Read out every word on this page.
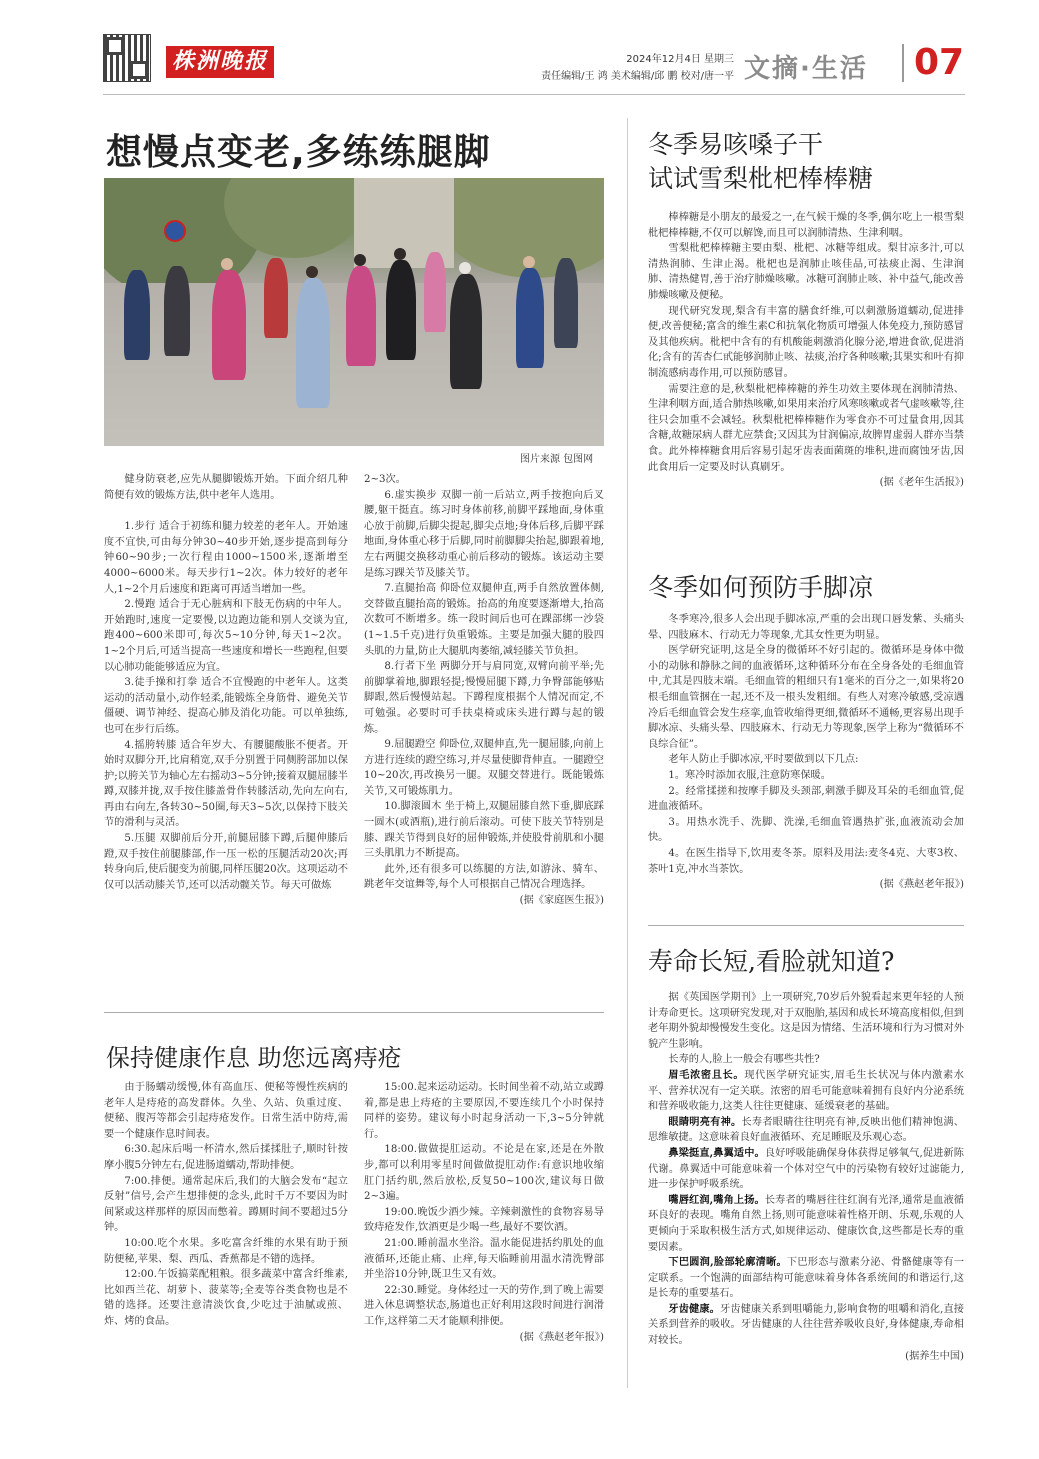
株洲晚报	2024年12月4日 星期三
责任编辑/王 鸿 美术编辑/邱 鹏 校对/唐一平 文摘·生活 07
想慢点变老,多练练腿脚
图片来源 包图网

健身防衰老,应先从腿脚锻炼开始。下面介绍几种简便有效的锻炼方法,供中老年人选用。

1.步行 适合于初练和腿力较差的老年人。开始速度不宜快,可由每分钟30~40步开始,逐步提高到每分钟60~90步;一次行程由1000~1500米,逐渐增至4000~6000米。每天步行1~2次。体力较好的老年人,1~2个月后速度和距离可再适当增加一些。

2.慢跑 适合于无心脏病和下肢无伤病的中年人。开始跑时,速度一定要慢,以边跑边能和别人交谈为宜,跑400~600米即可,每次5~10分钟,每天1~2次。1~2个月后,可适当提高一些速度和增长一些跑程,但要以心肺功能能够适应为宜。

3.徒手操和打拳 适合不宜慢跑的中老年人。这类运动的活动量小,动作轻柔,能锻炼全身筋骨、避免关节僵硬、调节神经、提高心肺及消化功能。可以单独练,也可在步行后练。

4.摇胯转膝 适合年岁大、有腰腿酸胀不便者。开始时双脚分开,比肩稍宽,双手分别置于同侧胯部加以保护;以胯关节为轴心左右摇动3~5分钟;接着双腿屈膝半蹲,双膝并拢,双手按住膝盖骨作转膝活动,先向左向右,再由右向左,各转30~50圈,每天3~5次,以保持下肢关节的滑利与灵活。

5.压腿 双脚前后分开,前腿屈膝下蹲,后腿伸膝后蹬,双手按住前腿膝部,作一压一松的压腿活动20次;再转身向后,使后腿变为前腿,同样压腿20次。这项运动不仅可以活动膝关节,还可以活动髋关节。每天可做炼

2~3次。

6.虚实换步 双脚一前一后站立,两手按抱向后叉腰,躯干挺直。练习时身体前移,前脚平踩地面,身体重心放于前脚,后脚尖提起,脚尖点地;身体后移,后脚平踩地面,身体重心移于后脚,同时前脚脚尖抬起,脚跟着地,左右两腿交换移动重心前后移动的锻炼。该运动主要是练习踝关节及膝关节。

7.直腿抬高 仰卧位双腿伸直,两手自然放置体侧,交替做直腿抬高的锻炼。抬高的角度要逐渐增大,抬高次数可不断增多。练一段时间后也可在踝部绑一沙袋(1~1.5千克)进行负重锻炼。主要是加强大腿的股四头肌的力量,防止大腿肌肉萎缩,减轻膝关节负担。

8.行者下坐 两脚分开与肩同宽,双臂向前平举;先前脚掌着地,脚跟轻提;慢慢屈腿下蹲,力争臀部能够贴脚跟,然后慢慢站起。下蹲程度根据个人情况而定,不可勉强。必要时可手扶桌椅或床头进行蹲与起的锻炼。

9.屈腿蹬空 仰卧位,双腿伸直,先一腿屈膝,向前上方进行连续的蹬空练习,并尽量使脚背伸直。一腿蹬空10~20次,再改换另一腿。双腿交替进行。既能锻炼关节,又可锻炼肌力。

10.脚滚圆木 坐于椅上,双腿屈膝自然下垂,脚底踩一圆木(或酒瓶),进行前后滚动。可使下肢关节特别是膝、踝关节得到良好的屈伸锻炼,并使股骨前肌和小腿三头肌肌力不断提高。

此外,还有很多可以练腿的方法,如游泳、骑车、跳老年交谊舞等,每个人可根据自己情况合理选择。

(据《家庭医生报》)

保持健康作息 助您远离痔疮

由于肠蠕动缓慢,体有高血压、便秘等慢性疾病的老年人是痔疮的高发群体。久坐、久站、负重过度、便秘、腹泻等都会引起痔疮发作。日常生活中防痔,需要一个健康作息时间表。

6:30.起床后喝一杯清水,然后揉揉肚子,顺时针按摩小腹5分钟左右,促进肠道蠕动,帮助排便。

7:00.排便。通常起床后,我们的大脑会发布“起立反射”信号,会产生想排便的念头,此时千万不要因为时间紧或这样那样的原因而憋着。蹲厕时间不要超过5分钟。

10:00.吃个水果。多吃富含纤维的水果有助于预防便秘,苹果、梨、西瓜、香蕉都是不错的选择。

12:00.午饭搞菜配粗粮。很多蔬菜中富含纤维素,比如西兰花、胡萝卜、菠菜等;全麦等谷类食物也是不错的选择。还要注意清淡饮食,少吃过于油腻或煎、炸、烤的食品。

15:00.起来运动运动。长时间坐着不动,站立或蹲着,都是患上痔疮的主要原因,不要连续几个小时保持同样的姿势。建议每小时起身活动一下,3~5分钟就行。

18:00.做做提肛运动。不论是在家,还是在外散步,都可以利用零星时间做做提肛动作:有意识地收缩肛门括约肌,然后放松,反复50~100次,建议每日做2~3遍。

19:00.晚饭少酒少辣。辛辣刺激性的食物容易导致痔疮发作,饮酒更是少喝一些,最好不要饮酒。

21:00.睡前温水坐浴。温水能促进括约肌处的血液循环,还能止痛、止痒,每天临睡前用温水清洗臀部并坐浴10分钟,既卫生又有效。

22:30.睡觉。身体经过一天的劳作,到了晚上需要进入休息调整状态,肠道也正好利用这段时间进行润滑工作,这样第二天才能顺利排便。

(据《燕赵老年报》)

冬季易咳嗓子干
试试雪梨枇杷棒棒糖

棒棒糖是小朋友的最爱之一,在气候干燥的冬季,偶尔吃上一根雪梨枇杷棒棒糖,不仅可以解馋,而且可以润肺清热、生津利咽。

雪梨枇杷棒棒糖主要由梨、枇杷、冰糖等组成。梨甘凉多汁,可以清热润肺、生津止渴。枇杷也是润肺止咳佳品,可祛痰止渴、生津润肺、清热健胃,善于治疗肺燥咳嗽。冰糖可润肺止咳、补中益气,能改善肺燥咳嗽及便秘。

现代研究发现,梨含有丰富的膳食纤维,可以刺激肠道蠕动,促进排便,改善便秘;富含的维生素C和抗氧化物质可增强人体免疫力,预防感冒及其他疾病。枇杷中含有的有机酸能刺激消化腺分泌,增进食欲,促进消化;含有的苦杏仁甙能够润肺止咳、祛痰,治疗各种咳嗽;其果实和叶有抑制流感病毒作用,可以预防感冒。

需要注意的是,秋梨枇杷棒棒糖的养生功效主要体现在润肺清热、生津利咽方面,适合肺热咳嗽,如果用来治疗风寒咳嗽或者气虚咳嗽等,往往只会加重不会减轻。秋梨枇杷棒棒糖作为零食亦不可过量食用,因其含糖,故糖尿病人群尤应禁食;又因其为甘润偏凉,故脾胃虚弱人群亦当禁食。此外棒棒糖食用后容易引起牙齿表面菌斑的堆积,进而腐蚀牙齿,因此食用后一定要及时认真刷牙。

(据《老年生活报》)

冬季如何预防手脚凉

冬季寒冷,很多人会出现手脚冰凉,严重的会出现口唇发紫、头痛头晕、四肢麻木、行动无力等现象,尤其女性更为明显。

医学研究证明,这是全身的微循环不好引起的。微循环是身体中微小的动脉和静脉之间的血液循环,这种循环分布在全身各处的毛细血管中,尤其是四肢末端。毛细血管的粗细只有1毫米的百分之一,如果将20根毛细血管捆在一起,还不及一根头发粗细。有些人对寒冷敏感,受凉遇冷后毛细血管会发生痉挛,血管收缩得更细,微循环不通畅,更容易出现手脚冰凉、头痛头晕、四肢麻木、行动无力等现象,医学上称为“微循环不良综合征”。

老年人防止手脚冰凉,平时要做到以下几点:

1。寒冷时添加衣服,注意防寒保暖。

2。经常揉搓和按摩手脚及头颈部,刺激手脚及耳朵的毛细血管,促进血液循环。

3。用热水洗手、洗脚、洗澡,毛细血管遇热扩张,血液流动会加快。

4。在医生指导下,饮用麦冬茶。原料及用法:麦冬4克、大枣3枚、茶叶1克,冲水当茶饮。

(据《燕赵老年报》)

寿命长短,看脸就知道?

据《英国医学期刊》上一项研究,70岁后外貌看起来更年轻的人预计寿命更长。这项研究发现,对于双胞胎,基因和成长环境高度相似,但到老年期外貌却慢慢发生变化。这是因为情绪、生活环境和行为习惯对外貌产生影响。

长寿的人,脸上一般会有哪些共性?

眉毛浓密且长。现代医学研究证实,眉毛生长状况与体内激素水平、营养状况有一定关联。浓密的眉毛可能意味着拥有良好内分泌系统和营养吸收能力,这类人往往更健康、延缓衰老的基础。

眼睛明亮有神。长寿者眼睛往往明亮有神,反映出他们精神饱满、思维敏捷。这意味着良好血液循环、充足睡眠及乐观心态。

鼻梁挺直,鼻翼适中。良好呼吸能确保身体获得足够氧气,促进新陈代谢。鼻翼适中可能意味着一个体对空气中的污染物有较好过滤能力,进一步保护呼吸系统。

嘴唇红润,嘴角上扬。长寿者的嘴唇往往红润有光泽,通常是血液循环良好的表现。嘴角自然上扬,则可能意味着性格开朗、乐观,乐观的人更倾向于采取积极生活方式,如规律运动、健康饮食,这些都是长寿的重要因素。

下巴圆润,脸部轮廓清晰。下巴形态与激素分泌、骨骼健康等有一定联系。一个饱满的面部结构可能意味着身体各系统间的和谐运行,这是长寿的重要基石。

牙齿健康。牙齿健康关系到咀嚼能力,影响食物的咀嚼和消化,直接关系到营养的吸收。牙齿健康的人往往营养吸收良好,身体健康,寿命相对较长。

(据养生中国)
